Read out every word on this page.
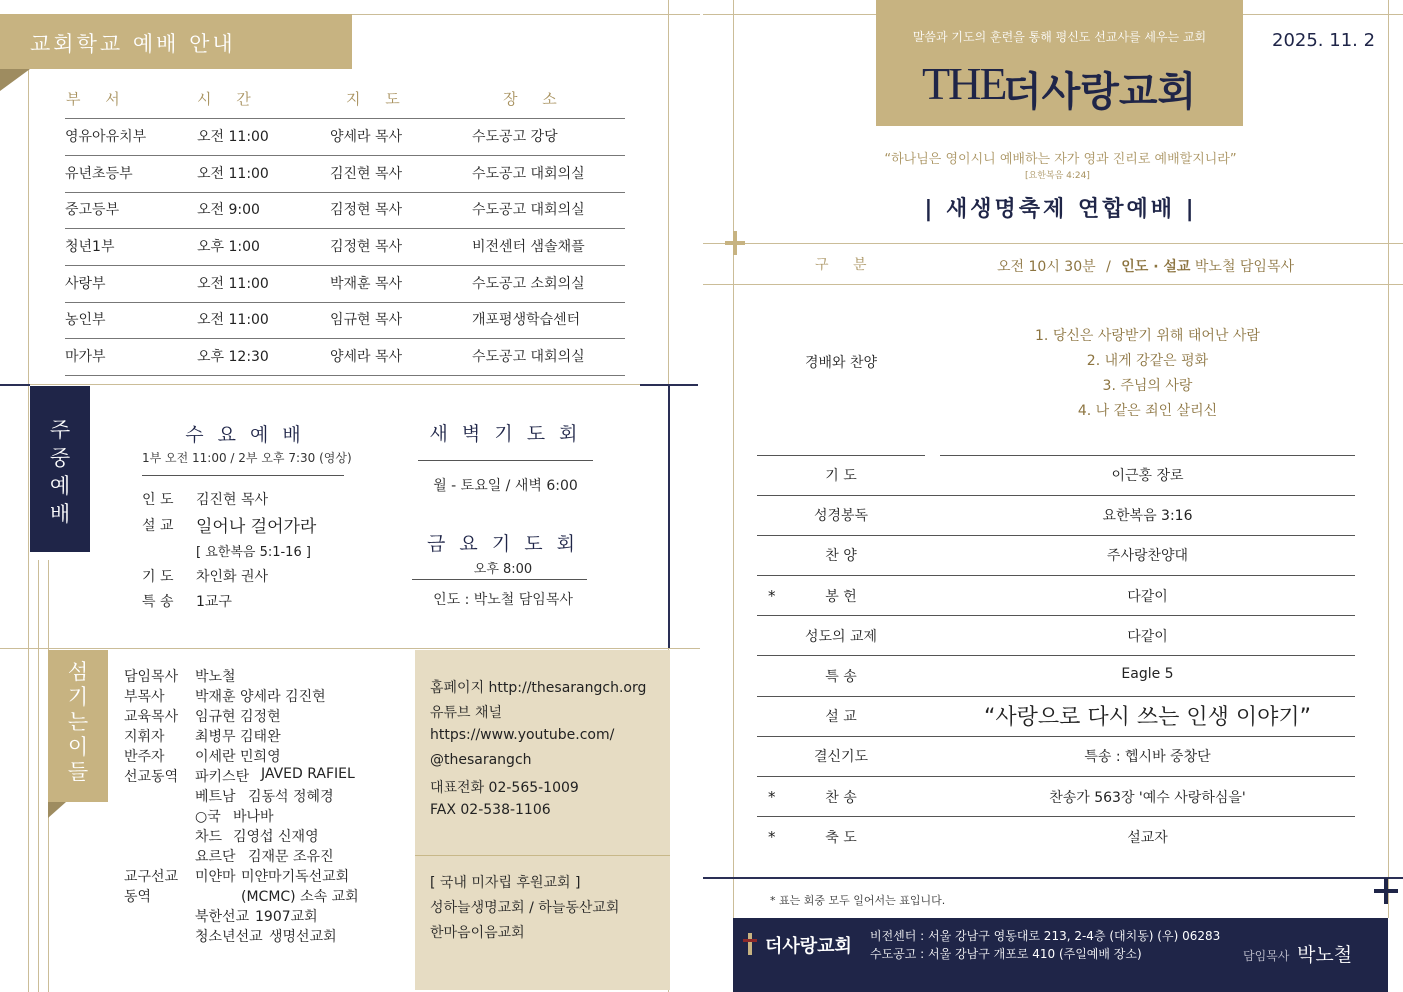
교회학교 예배 안내
부 서	시 간	지 도	장 소
영유아유치부	오전 11:00	양세라 목사	수도공고 강당
유년초등부	오전 11:00	김진현 목사	수도공고 대회의실
중고등부	오전 9:00	김정현 목사	수도공고 대회의실
청년1부	오후 1:00	김정현 목사	비전센터 샘솔채플
사랑부	오전 11:00	박재훈 목사	수도공고 소회의실
농인부	오전 11:00	임규현 목사	개포평생학습센터
마가부	오후 12:30	양세라 목사	수도공고 대회의실
주중예배
수 요 예 배
1부 오전 11:00 / 2부 오후 7:30 (영상)
인 도 김진현 목사
설 교 일어나 걸어가라
[ 요한복음 5:1-16 ]
기 도 차인화 권사
특 송 1교구
새 벽 기 도 회
월 - 토요일 / 새벽 6:00
금 요 기 도 회
오후 8:00
인도 : 박노철 담임목사
섬기는이들
담임목사 박노철
부목사 박재훈 양세라 김진현
교육목사 임규현 김정현
지휘자 최병무 김태완
반주자 이세란 민희영
선교동역 파키스탄 JAVED RAFIEL
베트남 김동석 정혜경
○국 바나바
차드 김영섭 신재영
요르단 김재문 조유진
교구선교
동역
미얀마 미얀마기독선교회
(MCMC) 소속 교회
북한선교 1907교회
청소년선교 생명선교회
홈페이지 http://thesarangch.org
유튜브 채널
https://www.youtube.com/
@thesarangch
대표전화 02-565-1009
FAX 02-538-1106
[ 국내 미자립 후원교회 ]
성하늘생명교회 / 하늘동산교회
한마음이음교회
말씀과 기도의 훈련을 통해 평신도 선교사를 세우는 교회
THE
더사랑교회
2025. 11. 2
“하나님은 영이시니 예배하는 자가 영과 진리로 예배할지니라”
[요한복음 4:24]
| 새생명축제 연합예배 |
구 분	오전 10시 30분 / 인도 · 설교 박노철 담임목사
경배와 찬양
1. 당신은 사랑받기 위해 태어난 사람
2. 내게 강같은 평화
3. 주님의 사랑
4. 나 같은 죄인 살리신
기 도	이근홍 장로
성경봉독	요한복음 3:16
찬 양	주사랑찬양대
*	봉 헌	다같이
성도의 교제	다같이
특 송	Eagle 5
설 교	“사랑으로 다시 쓰는 인생 이야기”
결신기도	특송 : 헵시바 중창단
*	찬 송	찬송가 563장 '예수 사랑하심을'
*	축 도	설교자
* 표는 회중 모두 일어서는 표입니다.
더사랑교회 비전센터 : 서울 강남구 영동대로 213, 2-4층 (대치동) (우) 06283
수도공고 : 서울 강남구 개포로 410 (주일예배 장소)	담임목사 박노철
